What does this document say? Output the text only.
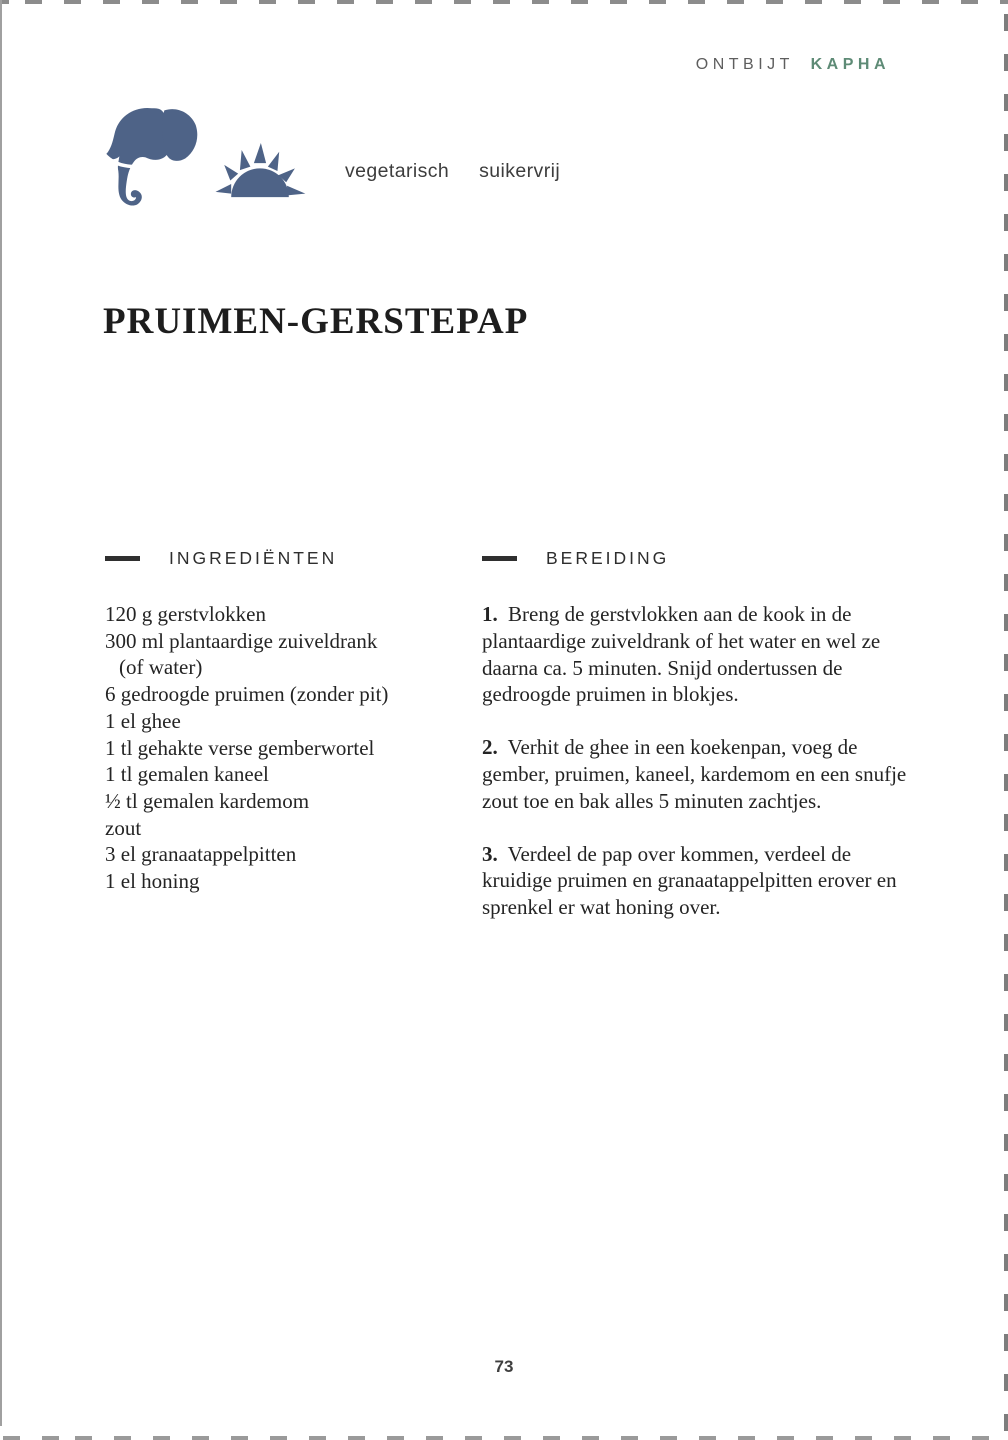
ONTBIJT KAPHA
vegetarisch suikervrij
PRUIMEN-GERSTEPAP
INGREDIËNTEN
120 g gerstvlokken
300 ml plantaardige zuiveldrank
(of water)
6 gedroogde pruimen (zonder pit)
1 el ghee
1 tl gehakte verse gemberwortel
1 tl gemalen kaneel
½ tl gemalen kardemom
zout
3 el granaatappelpitten
1 el honing
BEREIDING

1. Breng de gerstvlokken aan de kook in de plantaardige zuiveldrank of het water en wel ze daarna ca. 5 minuten. Snijd ondertussen de gedroogde pruimen in blokjes.

2. Verhit de ghee in een koekenpan, voeg de gember, pruimen, kaneel, kardemom en een snufje zout toe en bak alles 5 minuten zachtjes.

3. Verdeel de pap over kommen, verdeel de kruidige pruimen en granaatappelpitten erover en sprenkel er wat honing over.

73
